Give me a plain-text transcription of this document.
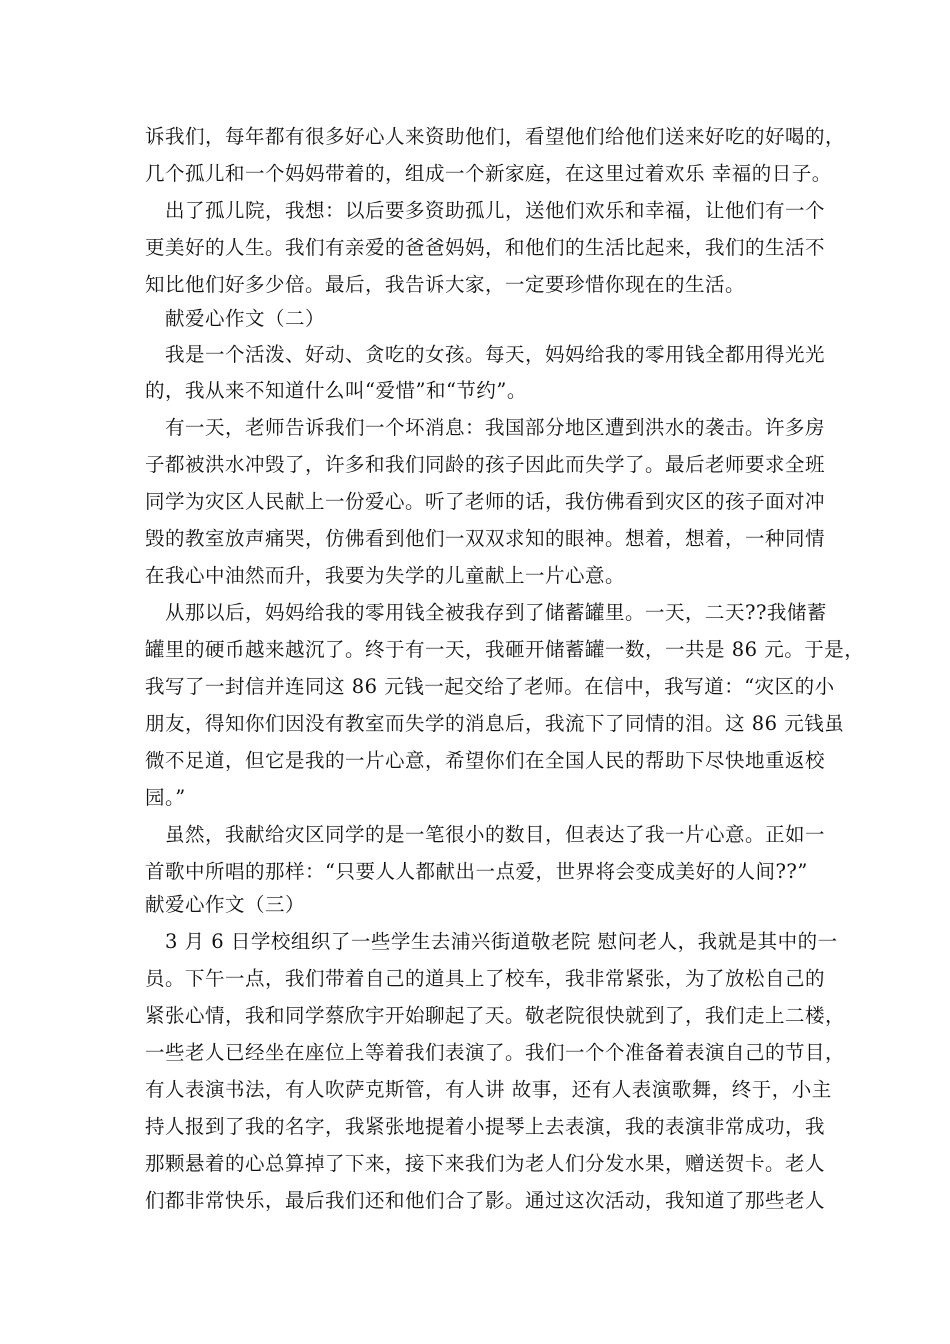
诉我们，每年都有很多好心人来资助他们，看望他们给他们送来好吃的好喝的，
几个孤儿和一个妈妈带着的，组成一个新家庭，在这里过着欢乐 幸福的日子。
　出了孤儿院，我想：以后要多资助孤儿，送他们欢乐和幸福，让他们有一个
更美好的人生。我们有亲爱的爸爸妈妈，和他们的生活比起来，我们的生活不
知比他们好多少倍。最后，我告诉大家，一定要珍惜你现在的生活。
　献爱心作文（二）
　我是一个活泼、好动、贪吃的女孩。每天，妈妈给我的零用钱全都用得光光
的，我从来不知道什么叫“爱惜”和“节约”。
　有一天，老师告诉我们一个坏消息：我国部分地区遭到洪水的袭击。许多房
子都被洪水冲毁了，许多和我们同龄的孩子因此而失学了。最后老师要求全班
同学为灾区人民献上一份爱心。听了老师的话，我仿佛看到灾区的孩子面对冲
毁的教室放声痛哭，仿佛看到他们一双双求知的眼神。想着，想着，一种同情
在我心中油然而升，我要为失学的儿童献上一片心意。
　从那以后，妈妈给我的零用钱全被我存到了储蓄罐里。一天，二天??我储蓄
罐里的硬币越来越沉了。终于有一天，我砸开储蓄罐一数，一共是 86 元。于是，
我写了一封信并连同这 86 元钱一起交给了老师。在信中，我写道：“灾区的小
朋友，得知你们因没有教室而失学的消息后，我流下了同情的泪。这 86 元钱虽
微不足道，但它是我的一片心意，希望你们在全国人民的帮助下尽快地重返校
园。”
　虽然，我献给灾区同学的是一笔很小的数目，但表达了我一片心意。正如一
首歌中所唱的那样：“只要人人都献出一点爱，世界将会变成美好的人间??”
献爱心作文（三）
　3 月 6 日学校组织了一些学生去浦兴街道敬老院 慰问老人，我就是其中的一
员。下午一点，我们带着自己的道具上了校车，我非常紧张，为了放松自己的
紧张心情，我和同学蔡欣宇开始聊起了天。敬老院很快就到了，我们走上二楼，
一些老人已经坐在座位上等着我们表演了。我们一个个准备着表演自己的节目，
有人表演书法，有人吹萨克斯管，有人讲 故事，还有人表演歌舞，终于，小主
持人报到了我的名字，我紧张地提着小提琴上去表演，我的表演非常成功，我
那颗悬着的心总算掉了下来，接下来我们为老人们分发水果，赠送贺卡。老人
们都非常快乐，最后我们还和他们合了影。通过这次活动，我知道了那些老人
